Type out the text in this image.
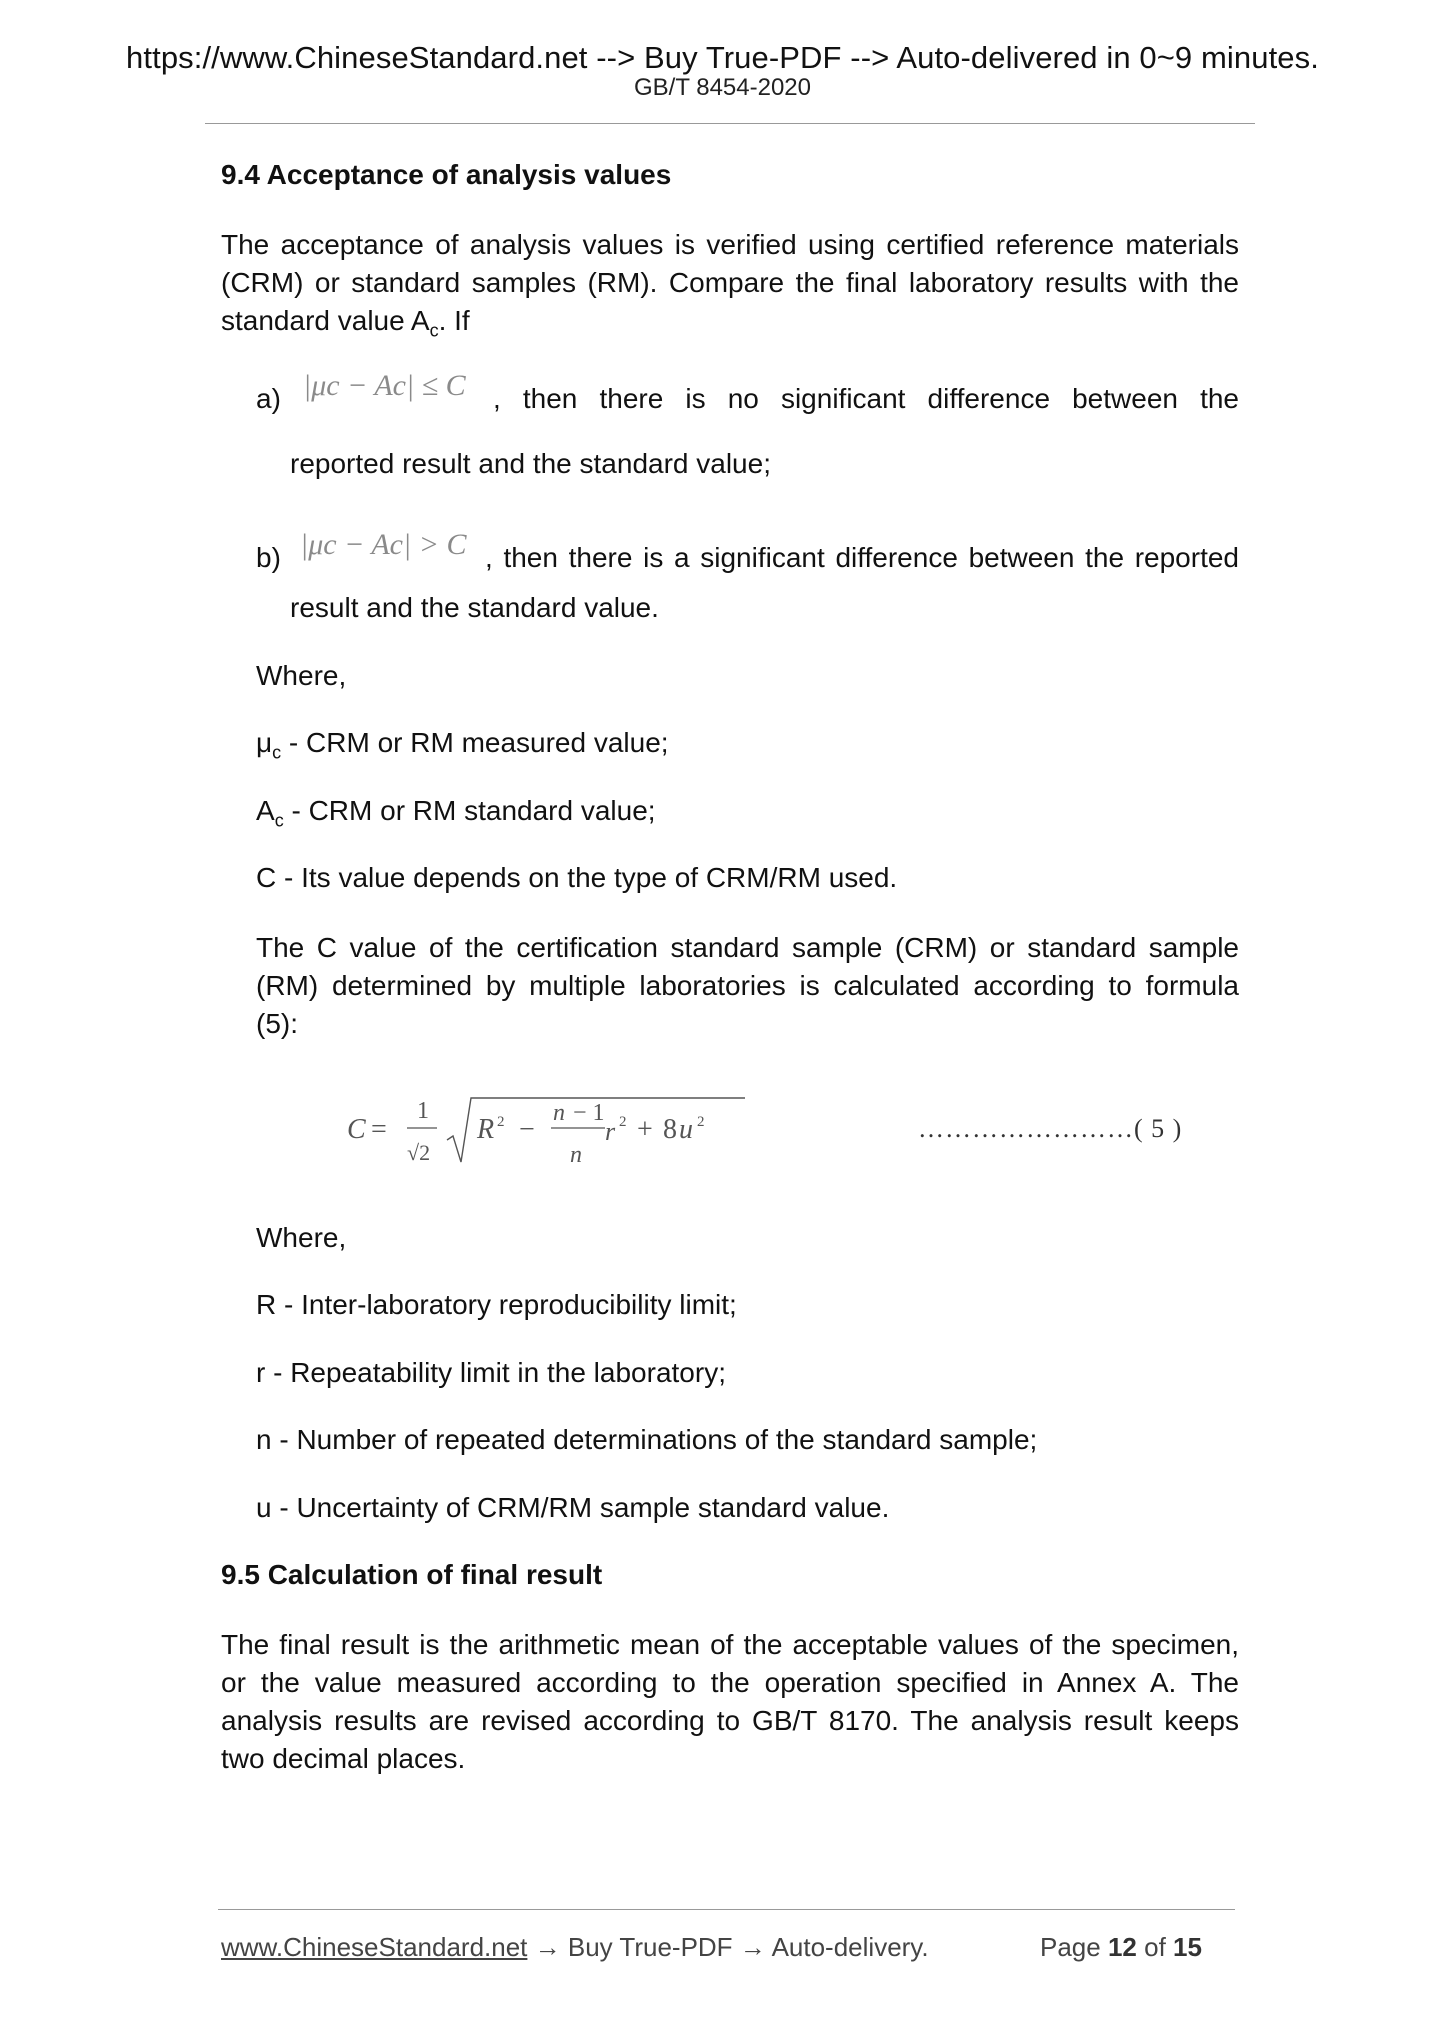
https://www.ChineseStandard.net --> Buy True-PDF --> Auto-delivered in 0~9 minutes.
GB/T 8454-2020
9.4 Acceptance of analysis values
The acceptance of analysis values is verified using certified reference materials
(CRM) or standard samples (RM). Compare the final laboratory results with the
standard value $A_c$. If
a) |μc − Ac| ≤ C , then there is no significant difference between the
reported result and the standard value;
b) |μc − Ac| > C , then there is a significant difference between the reported
result and the standard value.
Where,
$\mu_c$ - CRM or RM measured value;
$A_c$ - CRM or RM standard value;
C - Its value depends on the type of CRM/RM used.
The C value of the certification standard sample (CRM) or standard sample
(RM) determined by multiple laboratories is calculated according to formula
(5):
C =
1
√2
R 2 −
n − 1
n
r 2 + 8 u 2	……………………( 5 )
Where,
R - Inter-laboratory reproducibility limit;
r - Repeatability limit in the laboratory;
n - Number of repeated determinations of the standard sample;
u - Uncertainty of CRM/RM sample standard value.
9.5 Calculation of final result
The final result is the arithmetic mean of the acceptable values of the specimen,
or the value measured according to the operation specified in Annex A. The
analysis results are revised according to GB/T 8170. The analysis result keeps
two decimal places.
www.ChineseStandard.net → Buy True-PDF → Auto-delivery.	Page 12 of 15
